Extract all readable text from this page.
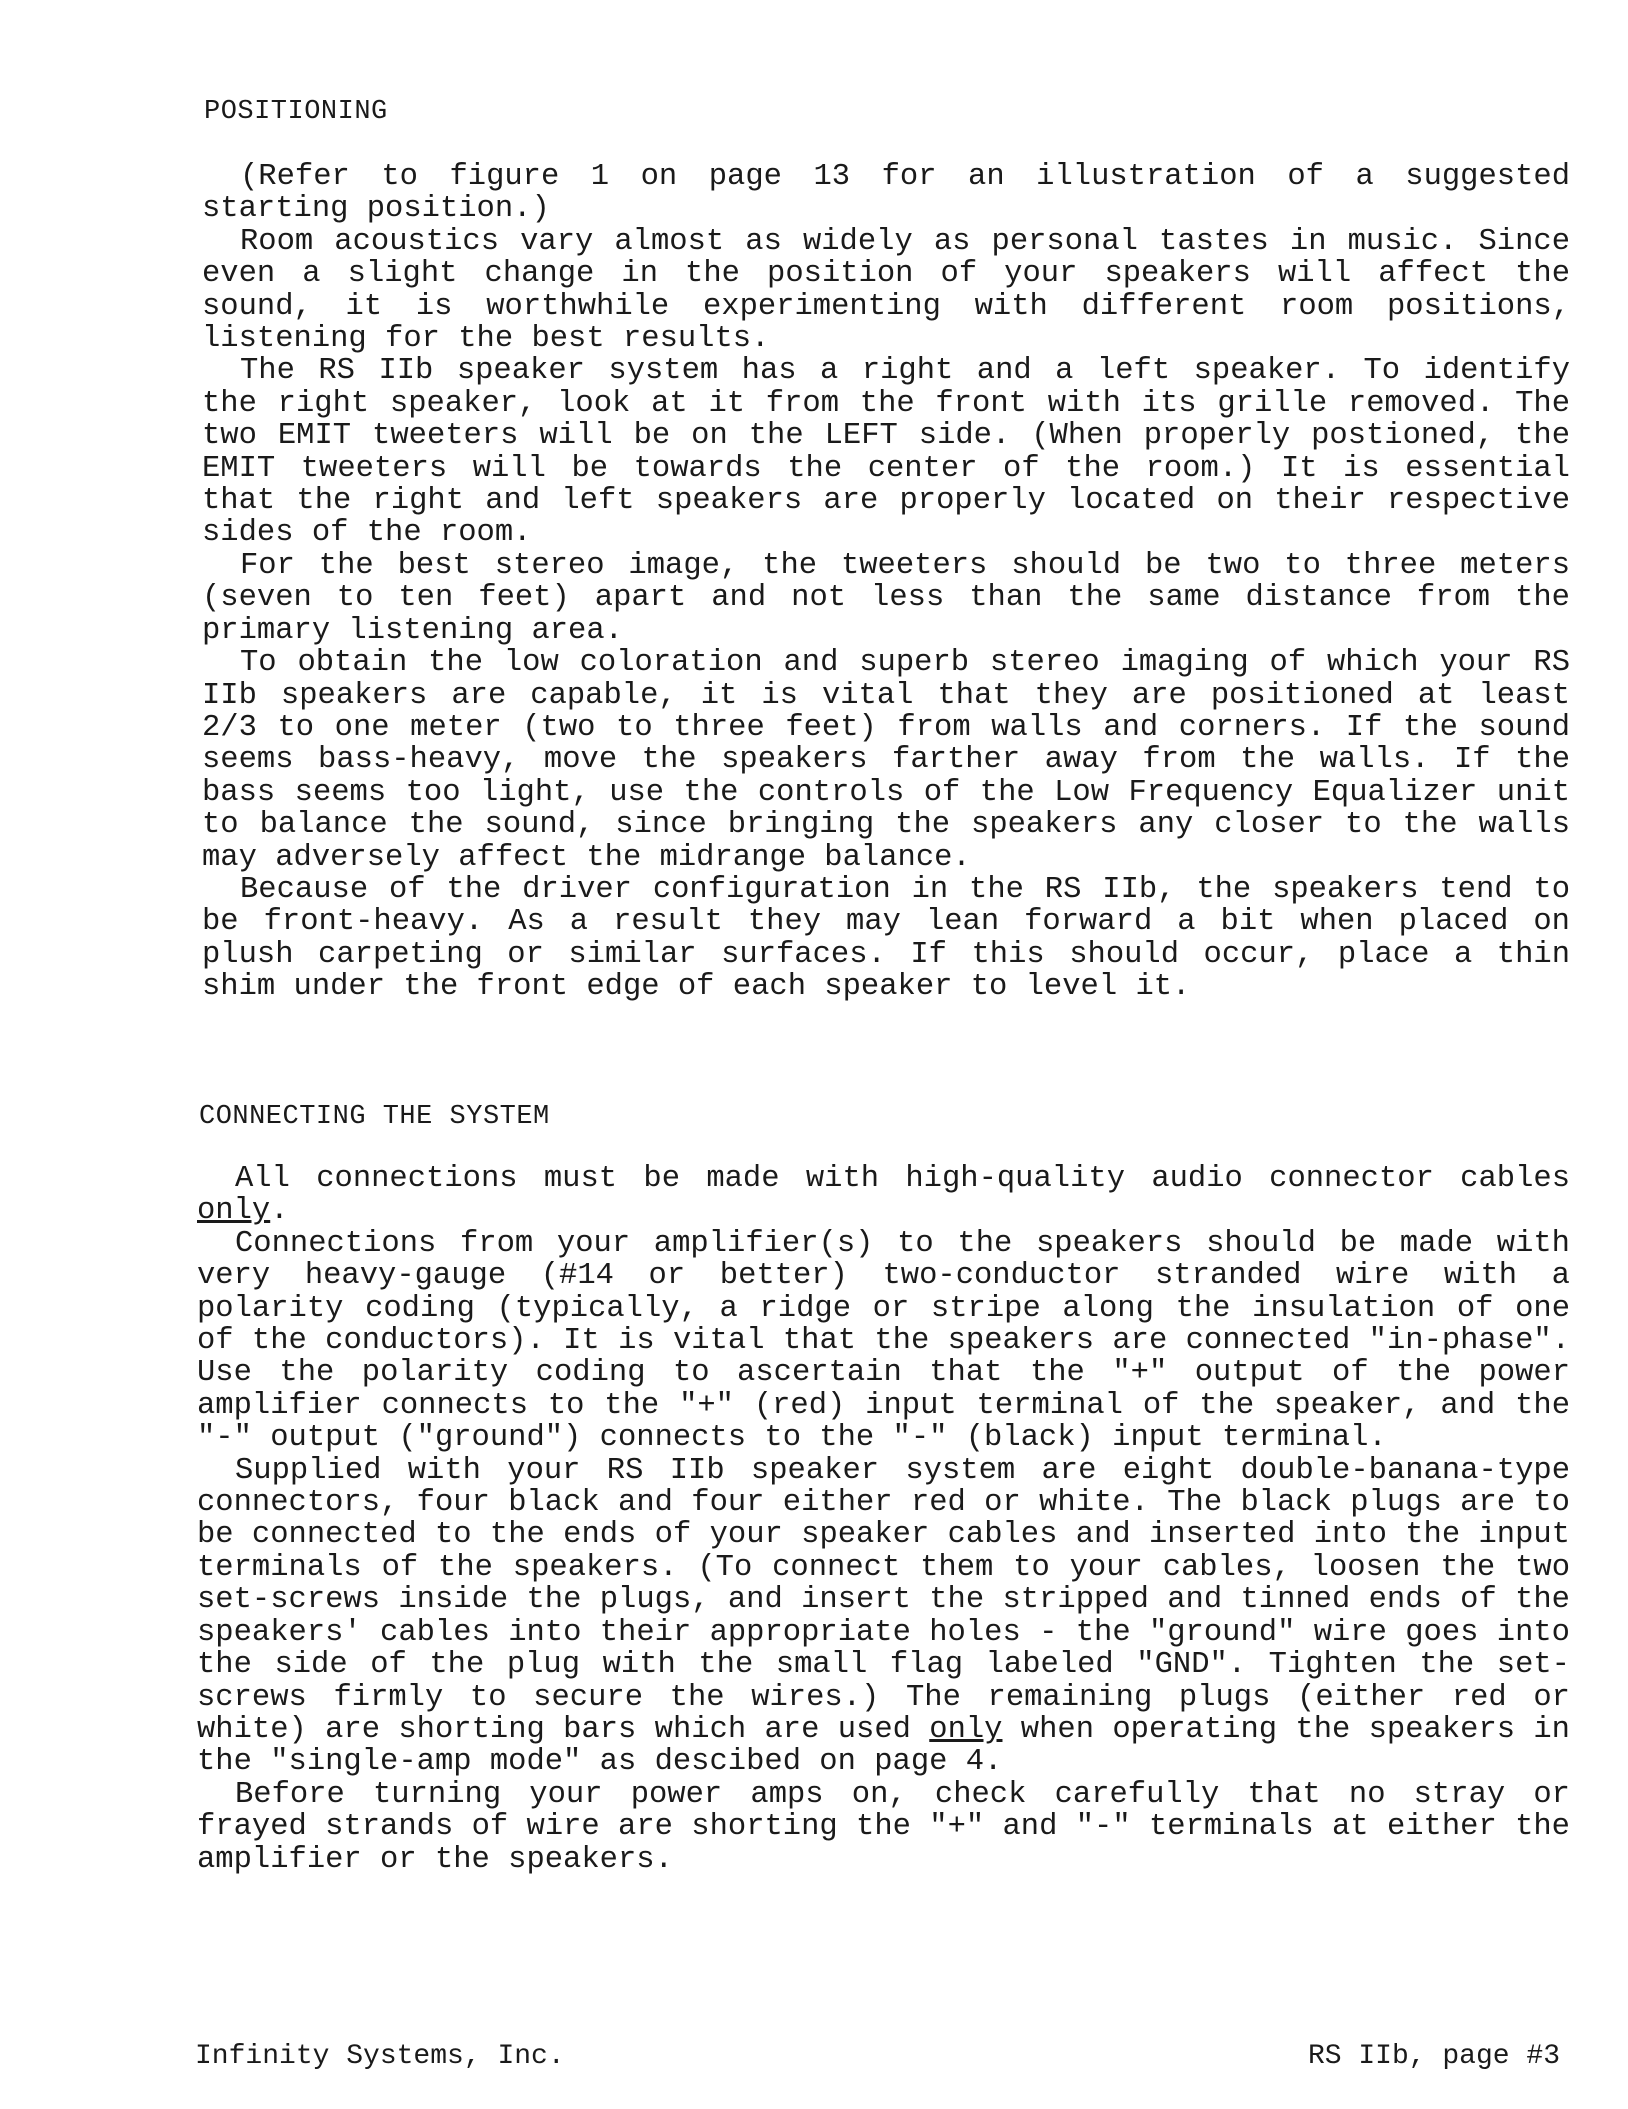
POSITIONING

(Refer to figure 1 on page 13 for an illustration of a suggested starting position.)

Room acoustics vary almost as widely as personal tastes in music. Since even a slight change in the position of your speakers will affect the sound, it is worthwhile experimenting with different room positions, listening for the best results.

The RS IIb speaker system has a right and a left speaker. To identify the right speaker, look at it from the front with its grille removed. The two EMIT tweeters will be on the LEFT side. (When properly postioned, the EMIT tweeters will be towards the center of the room.) It is essential that the right and left speakers are properly located on their respective sides of the room.

For the best stereo image, the tweeters should be two to three meters (seven to ten feet) apart and not less than the same distance from the primary listening area.

To obtain the low coloration and superb stereo imaging of which your RS IIb speakers are capable, it is vital that they are positioned at least 2/3 to one meter (two to three feet) from walls and corners. If the sound seems bass-heavy, move the speakers farther away from the walls. If the bass seems too light, use the controls of the Low Frequency Equalizer unit to balance the sound, since bringing the speakers any closer to the walls may adversely affect the midrange balance.

Because of the driver configuration in the RS IIb, the speakers tend to be front-heavy. As a result they may lean forward a bit when placed on plush carpeting or similar surfaces. If this should occur, place a thin shim under the front edge of each speaker to level it.

CONNECTING THE SYSTEM

All connections must be made with high-quality audio connector cables only.

Connections from your amplifier(s) to the speakers should be made with very heavy-gauge (#14 or better) two-conductor stranded wire with a polarity coding (typically, a ridge or stripe along the insulation of one of the conductors). It is vital that the speakers are connected "in-phase". Use the polarity coding to ascertain that the "+" output of the power amplifier connects to the "+" (red) input terminal of the speaker, and the "-" output ("ground") connects to the "-" (black) input terminal.

Supplied with your RS IIb speaker system are eight double-banana-type connectors, four black and four either red or white. The black plugs are to be connected to the ends of your speaker cables and inserted into the input terminals of the speakers. (To connect them to your cables, loosen the two set-screws inside the plugs, and insert the stripped and tinned ends of the speakers' cables into their appropriate holes - the "ground" wire goes into the side of the plug with the small flag labeled "GND". Tighten the set-screws firmly to secure the wires.) The remaining plugs (either red or white) are shorting bars which are used only when operating the speakers in the "single-amp mode" as descibed on page 4.

Before turning your power amps on, check carefully that no stray or frayed strands of wire are shorting the "+" and "-" terminals at either the amplifier or the speakers.

Infinity Systems, Inc.	RS IIb, page #3
